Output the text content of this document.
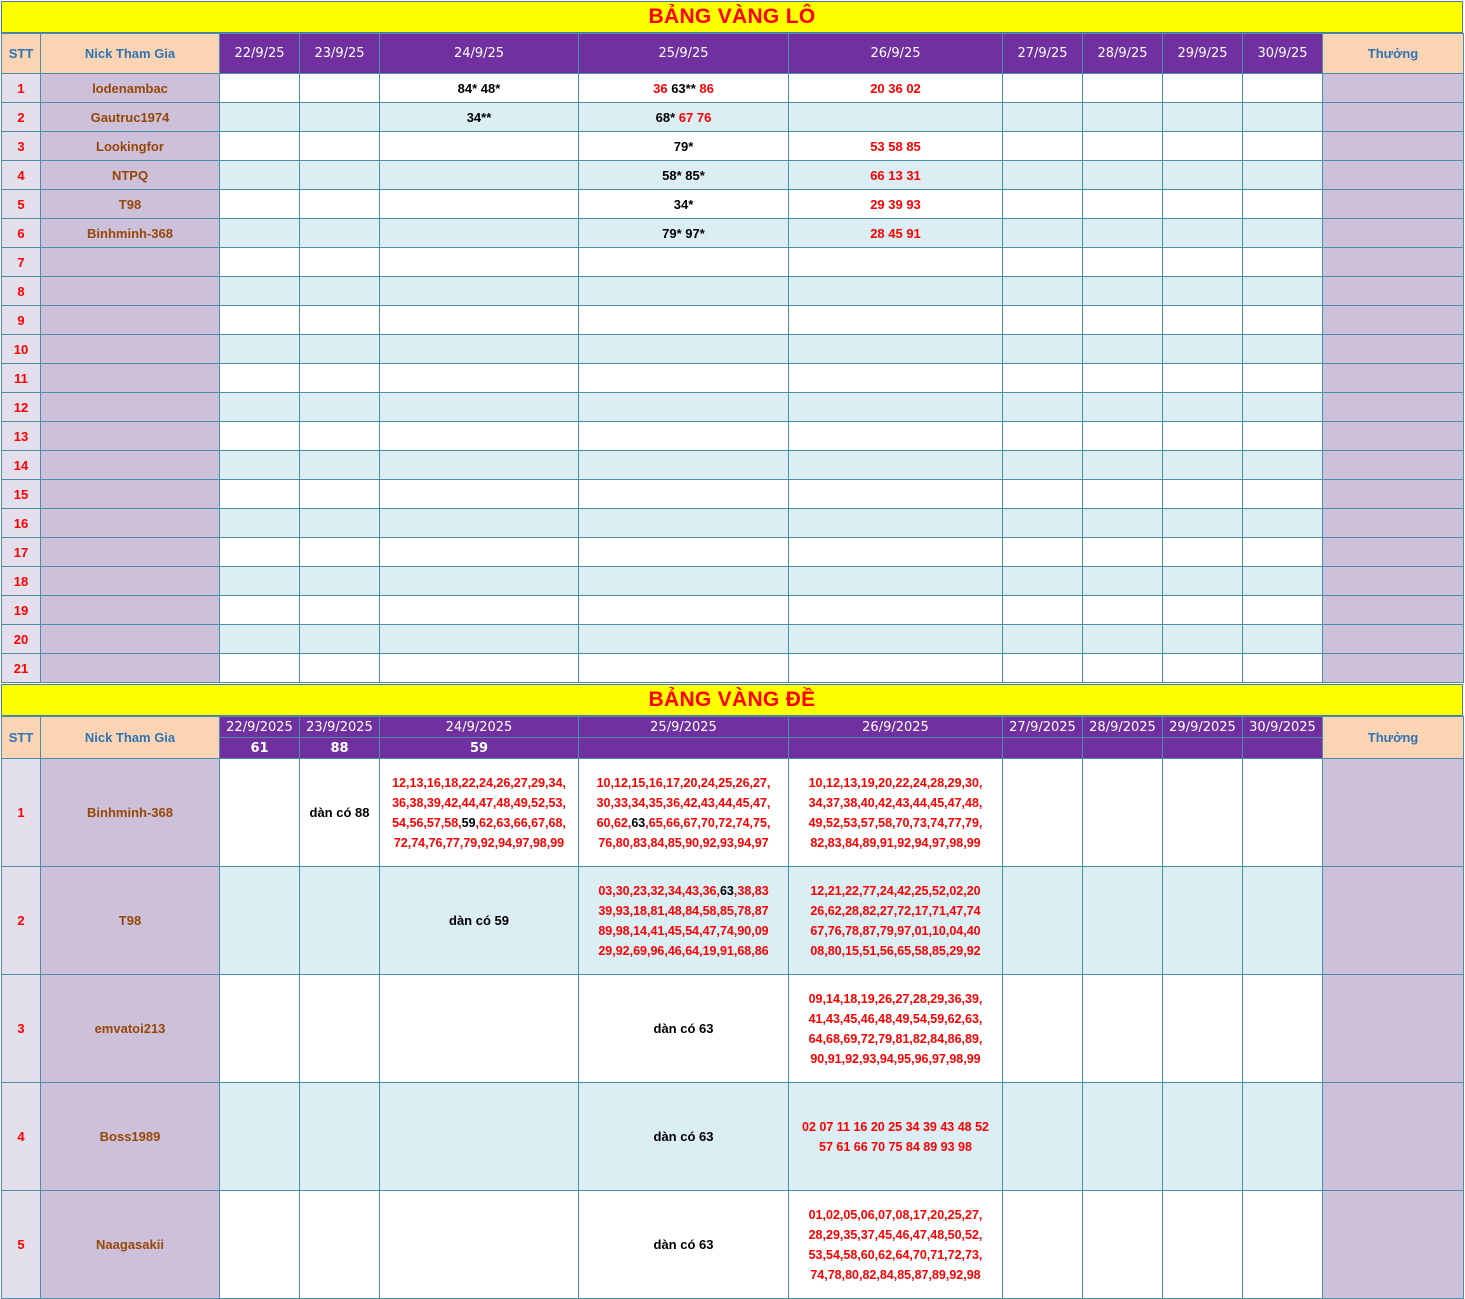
BẢNG VÀNG LÔ
STT	Nick Tham Gia	22/9/25	23/9/25	24/9/25	25/9/25	26/9/25	27/9/25	28/9/25	29/9/25	30/9/25	Thưởng
1	lodenambac			84* 48*	36 63** 86	20 36 02					
2	Gautruc1974			34**	68* 67 76						
3	Lookingfor				79*	53 58 85					
4	NTPQ				58* 85*	66 13 31					
5	T98				34*	29 39 93					
6	Binhminh-368				79* 97*	28 45 91					
7											
8											
9											
10											
11											
12											
13											
14											
15											
16											
17											
18											
19											
20											
21											
BẢNG VÀNG ĐỀ
STT	Nick Tham Gia	22/9/2025	23/9/2025	24/9/2025	25/9/2025	26/9/2025	27/9/2025	28/9/2025	29/9/2025	30/9/2025	Thưởng
		61	88	59							
1	Binhminh-368		dàn có 88	12,13,16,18,22,24,26,27,29,34, 36,38,39,42,44,47,48,49,52,53, 54,56,57,58,59,62,63,66,67,68, 72,74,76,77,79,92,94,97,98,99	10,12,15,16,17,20,24,25,26,27, 30,33,34,35,36,42,43,44,45,47, 60,62,63,65,66,67,70,72,74,75, 76,80,83,84,85,90,92,93,94,97	10,12,13,19,20,22,24,28,29,30, 34,37,38,40,42,43,44,45,47,48, 49,52,53,57,58,70,73,74,77,79, 82,83,84,89,91,92,94,97,98,99					
2	T98			dàn có 59	03,30,23,32,34,43,36,63,38,83 39,93,18,81,48,84,58,85,78,87 89,98,14,41,45,54,47,74,90,09 29,92,69,96,46,64,19,91,68,86	12,21,22,77,24,42,25,52,02,20 26,62,28,82,27,72,17,71,47,74 67,76,78,87,79,97,01,10,04,40 08,80,15,51,56,65,58,85,29,92					
3	emvatoi213				dàn có 63	09,14,18,19,26,27,28,29,36,39, 41,43,45,46,48,49,54,59,62,63, 64,68,69,72,79,81,82,84,86,89, 90,91,92,93,94,95,96,97,98,99					
4	Boss1989				dàn có 63	02 07 11 16 20 25 34 39 43 48 52 57 61 66 70 75 84 89 93 98					
5	Naagasakii				dàn có 63	01,02,05,06,07,08,17,20,25,27, 28,29,35,37,45,46,47,48,50,52, 53,54,58,60,62,64,70,71,72,73, 74,78,80,82,84,85,87,89,92,98					
